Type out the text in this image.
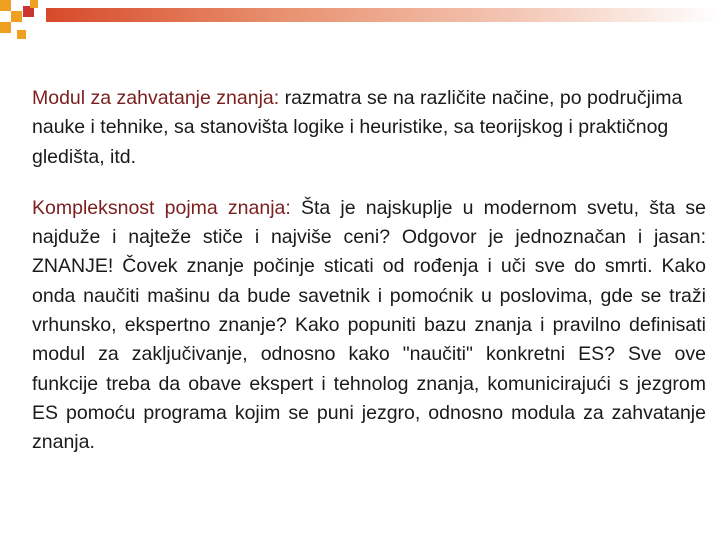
Modul za zahvatanje znanja: razmatra se na različite načine, po područjima nauke i tehnike, sa stanovišta logike i heuristike, sa teorijskog i praktičnog gledišta, itd.

Kompleksnost pojma znanja: Šta je najskuplje u modernom svetu, šta se najduže i najteže stiče i najviše ceni? Odgovor je jednoznačan i jasan: ZNANJE! Čovek znanje počinje sticati od rođenja i uči sve do smrti. Kako onda naučiti mašinu da bude savetnik i pomoćnik u poslovima, gde se traži vrhunsko, ekspertno znanje? Kako popuniti bazu znanja i pravilno definisati modul za zaključivanje, odnosno kako "naučiti" konkretni ES? Sve ove funkcije treba da obave ekspert i tehnolog znanja, komunicirajući s jezgrom ES pomoću programa kojim se puni jezgro, odnosno modula za zahvatanje znanja.
